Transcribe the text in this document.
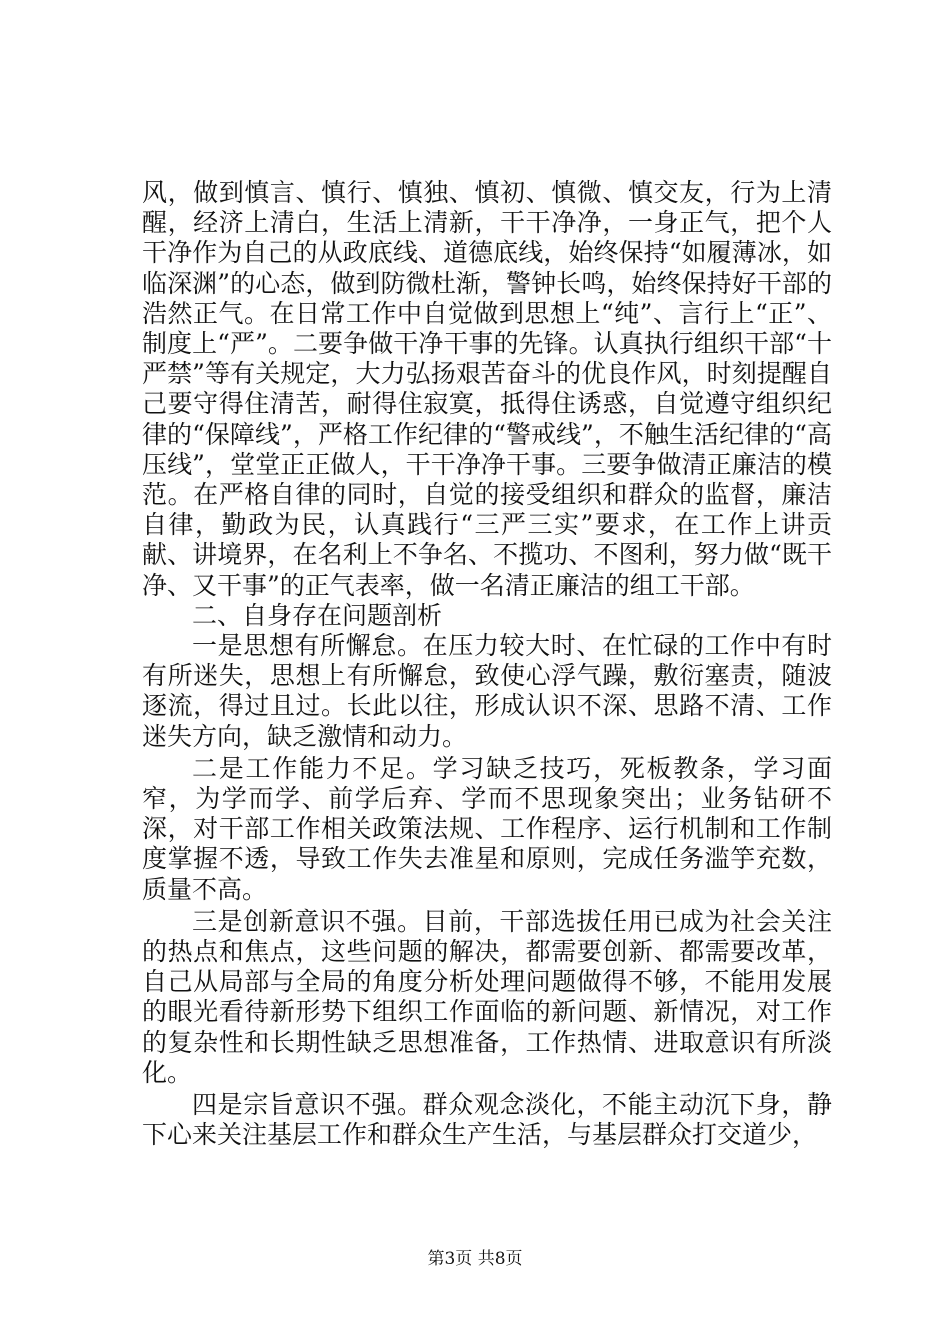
风，做到慎言、慎行、慎独、慎初、慎微、慎交友，行为上清醒，经济上清白，生活上清新，干干净净，一身正气，把个人干净作为自己的从政底线、道德底线，始终保持“如履薄冰，如临深渊”的心态，做到防微杜渐，警钟长鸣，始终保持好干部的浩然正气。在日常工作中自觉做到思想上“纯”、言行上“正”、制度上“严”。二要争做干净干事的先锋。认真执行组织干部“十严禁”等有关规定，大力弘扬艰苦奋斗的优良作风，时刻提醒自己要守得住清苦，耐得住寂寞，抵得住诱惑，自觉遵守组织纪律的“保障线”，严格工作纪律的“警戒线”，不触生活纪律的“高压线”，堂堂正正做人，干干净净干事。三要争做清正廉洁的模范。在严格自律的同时，自觉的接受组织和群众的监督，廉洁自律，勤政为民，认真践行“三严三实”要求，在工作上讲贡献、讲境界，在名利上不争名、不揽功、不图利，努力做“既干净、又干事”的正气表率，做一名清正廉洁的组工干部。

二、自身存在问题剖析

一是思想有所懈怠。在压力较大时、在忙碌的工作中有时有所迷失，思想上有所懈怠，致使心浮气躁，敷衍塞责，随波逐流，得过且过。长此以往，形成认识不深、思路不清、工作迷失方向，缺乏激情和动力。

二是工作能力不足。学习缺乏技巧，死板教条，学习面窄，为学而学、前学后弃、学而不思现象突出；业务钻研不深，对干部工作相关政策法规、工作程序、运行机制和工作制度掌握不透，导致工作失去准星和原则，完成任务滥竽充数，质量不高。

三是创新意识不强。目前，干部选拔任用已成为社会关注的热点和焦点，这些问题的解决，都需要创新、都需要改革，自己从局部与全局的角度分析处理问题做得不够，不能用发展的眼光看待新形势下组织工作面临的新问题、新情况，对工作的复杂性和长期性缺乏思想准备，工作热情、进取意识有所淡化。

四是宗旨意识不强。群众观念淡化，不能主动沉下身，静下心来关注基层工作和群众生产生活，与基层群众打交道少，

第3页 共8页
